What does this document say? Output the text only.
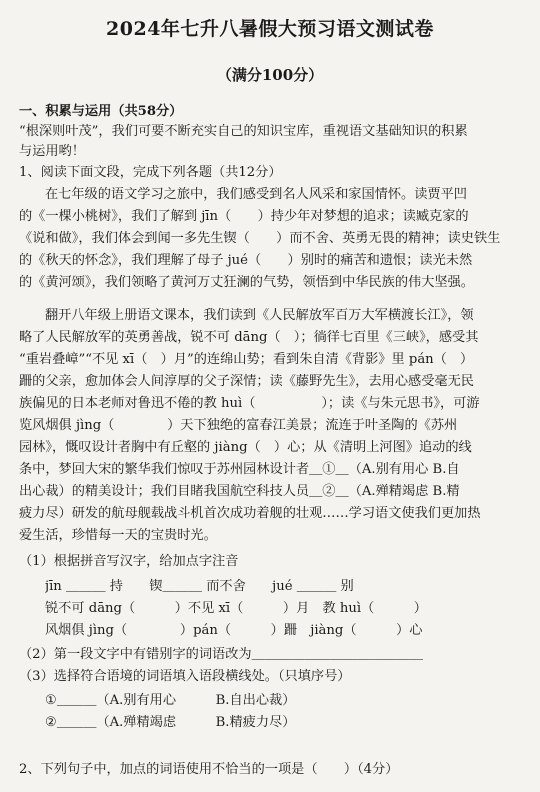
2024年七升八暑假大预习语文测试卷
（满分100分）
一、积累与运用（共58分）
“根深则叶茂”，我们可要不断充实自己的知识宝库，重视语文基础知识的积累
与运用哟！
1、阅读下面文段，完成下列各题（共12分）
在七年级的语文学习之旅中，我们感受到名人风采和家国情怀。读贾平凹
的《一棵小桃树》，我们了解到 jīn（　　）持少年对梦想的追求；读臧克家的
《说和做》，我们体会到闻一多先生锲（　　）而不舍、英勇无畏的精神；读史铁生
的《秋天的怀念》，我们理解了母子 jué（　　）别时的痛苦和遗恨；读光未然
的《黄河颂》，我们领略了黄河万丈狂澜的气势，领悟到中华民族的伟大坚强。
翻开八年级上册语文课本，我们读到《人民解放军百万大军横渡长江》，领
略了人民解放军的英勇善战，锐不可 dāng（　）；徜徉七百里《三峡》，感受其
“重岩叠嶂”“不见 xī（　）月”的连绵山势；看到朱自清《背影》里 pán（　）
跚的父亲，愈加体会人间淳厚的父子深情；读《藤野先生》，去用心感受毫无民
族偏见的日本老师对鲁迅不倦的教 huì（　　　　　）；读《与朱元思书》，可游
览风烟俱 jìng（　　　　）天下独绝的富春江美景；流连于叶圣陶的《苏州
园林》，慨叹设计者胸中有丘壑的 jiàng（　）心；从《清明上河图》追动的线
条中，梦回大宋的繁华我们惊叹于苏州园林设计者＿①＿（A.别有用心 B.自
出心裁）的精美设计；我们目睹我国航空科技人员＿②＿（A.殚精竭虑 B.精
疲力尽）研发的航母舰载战斗机首次成功着舰的壮观……学习语文使我们更加热
爱生活，珍惜每一天的宝贵时光。
（1）根据拼音写汉字，给加点字注音
jīn ＿＿＿ 持　　锲＿＿＿ 而不舍　　jué ＿＿＿ 别
锐不可 dāng（　　　）不见 xī（　　　）月　教 huì（　　　）
风烟俱 jìng（　　　　）pán（　　　）跚　jiàng（　　　）心
（2）第一段文字中有错别字的词语改为＿＿＿＿＿＿＿＿＿＿＿＿＿
（3）选择符合语境的词语填入语段横线处。（只填序号）
①＿＿＿（A.别有用心　　　B.自出心裁）
②＿＿＿（A.殚精竭虑　　　B.精疲力尽）
2、下列句子中，加点的词语使用不恰当的一项是（　　）（4分）
